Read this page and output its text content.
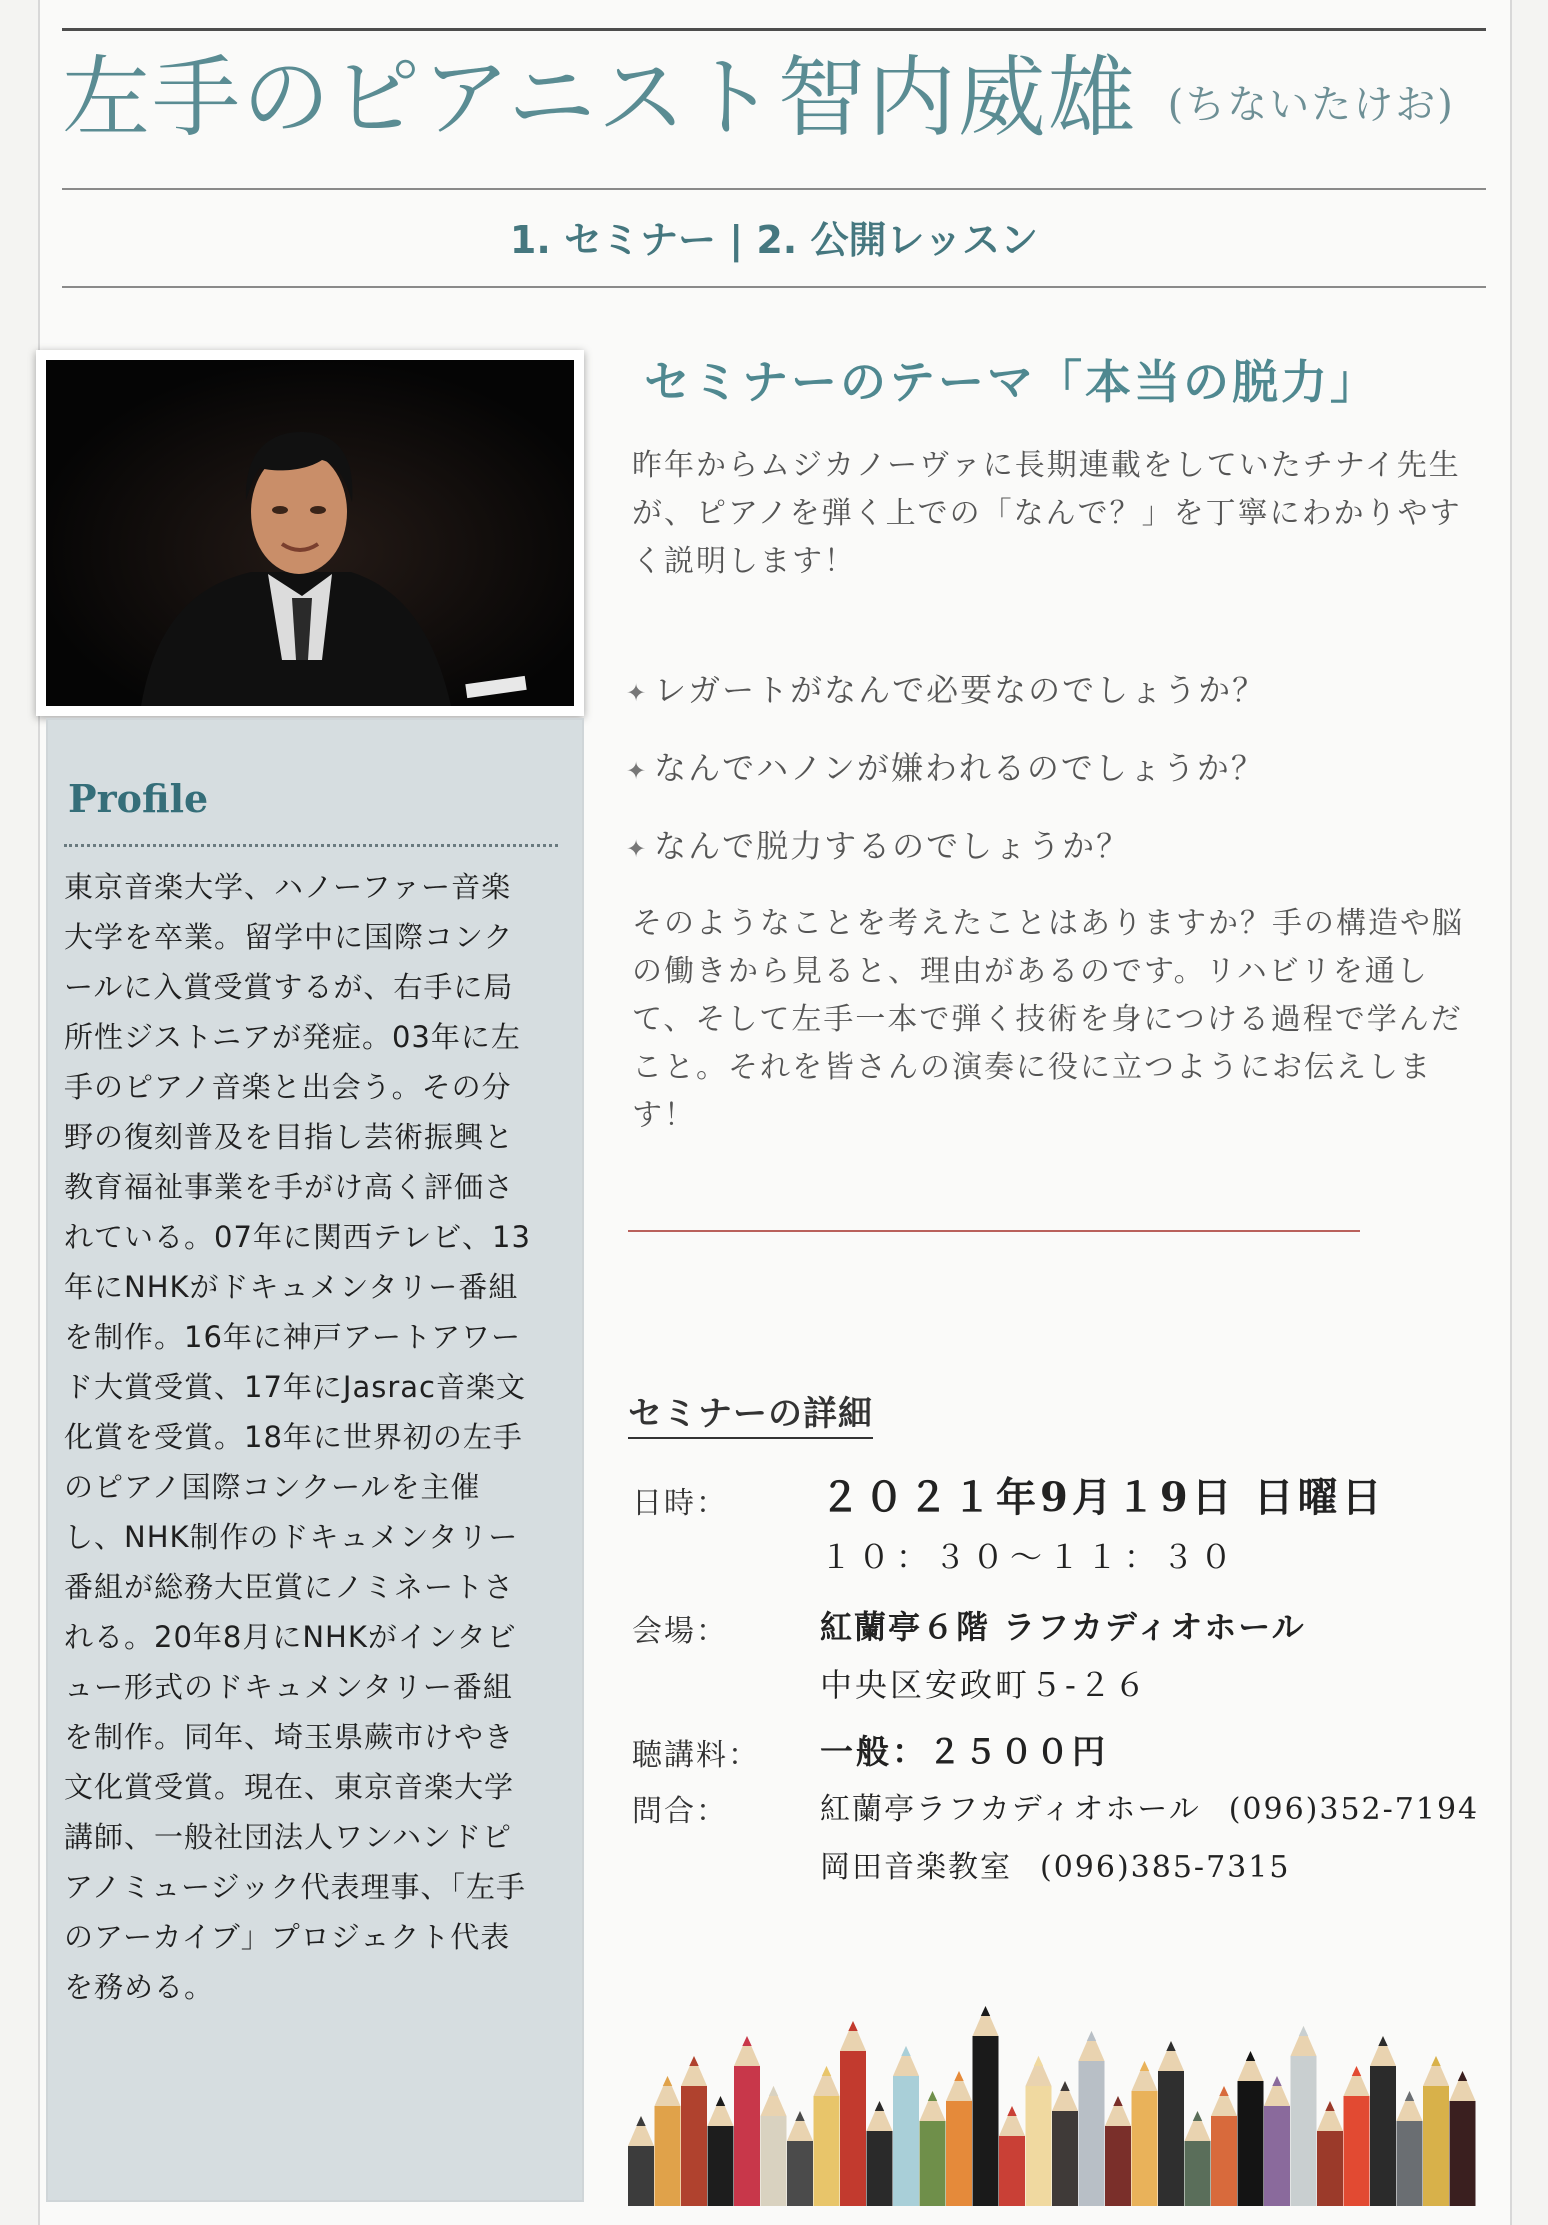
左手のピアニスト智内威雄 (ちないたけお)
1. セミナー | 2. 公開レッスン
Profile
東京音楽大学、ハノーファー音楽大学を卒業。留学中に国際コンクールに入賞受賞するが、右手に局所性ジストニアが発症。03年に左手のピアノ音楽と出会う。その分野の復刻普及を目指し芸術振興と教育福祉事業を手がけ高く評価されている。07年に関西テレビ、13年にNHKがドキュメンタリー番組を制作。16年に神戸アートアワード大賞受賞、17年にJasrac音楽文化賞を受賞。18年に世界初の左手のピアノ国際コンクールを主催し、NHK制作のドキュメンタリー番組が総務大臣賞にノミネートされる。20年8月にNHKがインタビュー形式のドキュメンタリー番組を制作。同年、埼玉県蕨市けやき文化賞受賞。現在、東京音楽大学講師、一般社団法人ワンハンドピアノミュージック代表理事、「左手のアーカイブ」プロジェクト代表を務める。
セミナーのテーマ「本当の脱力」
昨年からムジカノーヴァに長期連載をしていたチナイ先生が、ピアノを弾く上での「なんで？」を丁寧にわかりやすく説明します！
✦ レガートがなんで必要なのでしょうか？
✦ なんでハノンが嫌われるのでしょうか？
✦ なんで脱力するのでしょうか？
そのようなことを考えたことはありますか？手の構造や脳の働きから見ると、理由があるのです。リハビリを通して、そして左手一本で弾く技術を身につける過程で学んだこと。それを皆さんの演奏に役に立つようにお伝えします！
セミナーの詳細
日時： ２０２１年9月１9日 日曜日
１０：３０〜１１：３０
会場：	紅蘭亭６階 ラフカディオホール
中央区安政町５-２６
聴講料： 一般：２５００円
問合：	紅蘭亭ラフカディオホール (096)352-7194
岡田音楽教室 (096)385-7315
